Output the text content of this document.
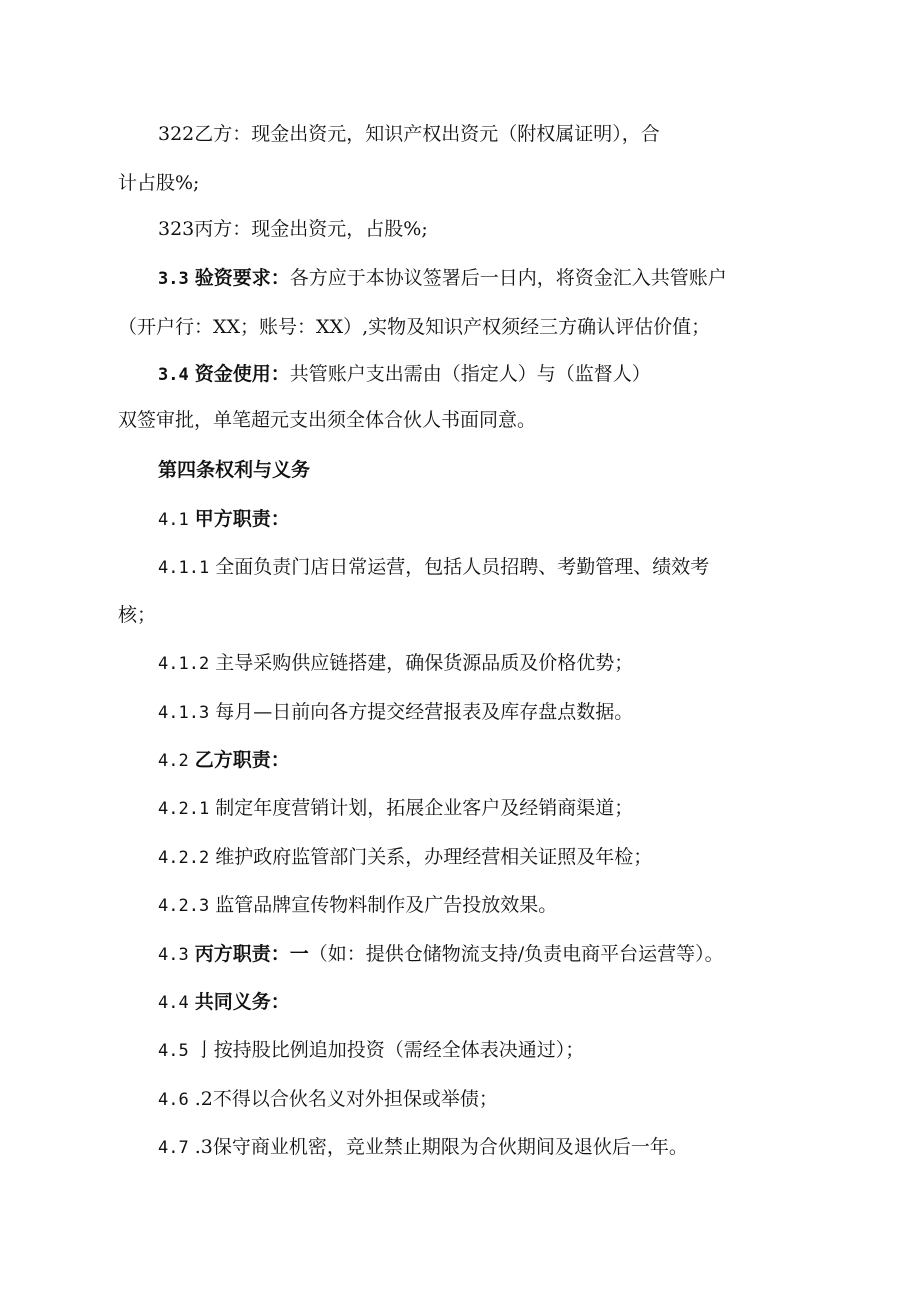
322乙方：现金出资元，知识产权出资元（附权属证明），合
计占股%;
323丙方：现金出资元，占股%;
3.3 验资要求：各方应于本协议签署后一日内，将资金汇入共管账户
（开户行：XX；账号：XX）,实物及知识产权须经三方确认评估价值；
3.4 资金使用：共管账户支出需由（指定人）与（监督人）
双签审批，单笔超元支出须全体合伙人书面同意。
第四条权利与义务
4.1 甲方职责：
4.1.1 全面负责门店日常运营，包括人员招聘、考勤管理、绩效考
核；
4.1.2 主导采购供应链搭建，确保货源品质及价格优势；
4.1.3 每月—日前向各方提交经营报表及库存盘点数据。
4.2 乙方职责：
4.2.1 制定年度营销计划，拓展企业客户及经销商渠道；
4.2.2 维护政府监管部门关系，办理经营相关证照及年检；
4.2.3 监管品牌宣传物料制作及广告投放效果。
4.3 丙方职责：一（如：提供仓储物流支持/负责电商平台运营等）。
4.4 共同义务：
4.5 亅按持股比例追加投资（需经全体表决通过）；
4.6 .2不得以合伙名义对外担保或举债；
4.7 .3保守商业机密，竞业禁止期限为合伙期间及退伙后一年。
